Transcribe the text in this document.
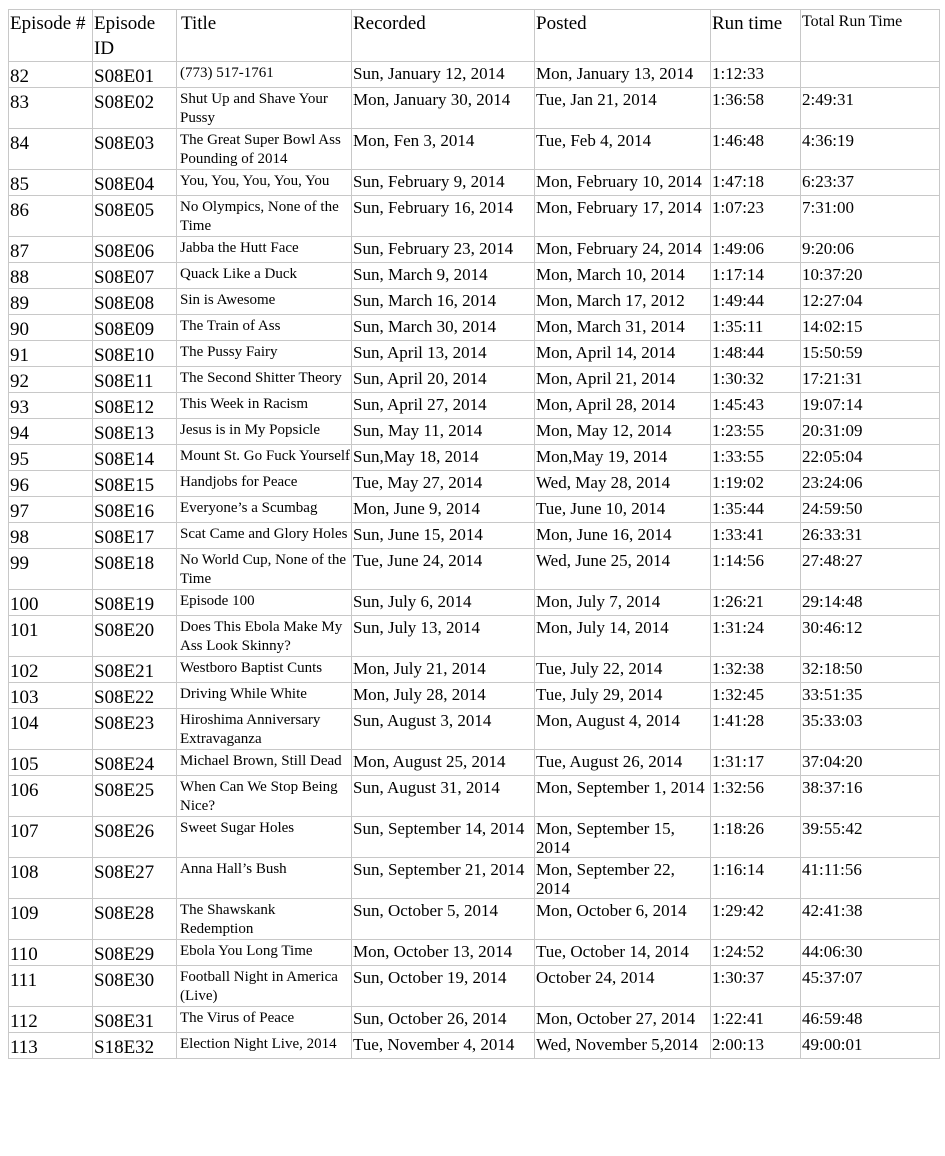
Episode #	Episode ID	Title	Recorded	Posted	Run time	Total Run Time
82	S08E01	(773) 517-1761	Sun, January 12, 2014	Mon, January 13, 2014	1:12:33	
83	S08E02	Shut Up and Shave Your Pussy	Mon, January 30, 2014	Tue, Jan 21, 2014	1:36:58	2:49:31
84	S08E03	The Great Super Bowl Ass Pounding of 2014	Mon, Fen 3, 2014	Tue, Feb 4, 2014	1:46:48	4:36:19
85	S08E04	You, You, You, You, You	Sun, February 9, 2014	Mon, February 10, 2014	1:47:18	6:23:37
86	S08E05	No Olympics, None of the Time	Sun, February 16, 2014	Mon, February 17, 2014	1:07:23	7:31:00
87	S08E06	Jabba the Hutt Face	Sun, February 23, 2014	Mon, February 24, 2014	1:49:06	9:20:06
88	S08E07	Quack Like a Duck	Sun, March 9, 2014	Mon, March 10, 2014	1:17:14	10:37:20
89	S08E08	Sin is Awesome	Sun, March 16, 2014	Mon, March 17, 2012	1:49:44	12:27:04
90	S08E09	The Train of Ass	Sun, March 30, 2014	Mon, March 31, 2014	1:35:11	14:02:15
91	S08E10	The Pussy Fairy	Sun, April 13, 2014	Mon, April 14, 2014	1:48:44	15:50:59
92	S08E11	The Second Shitter Theory	Sun, April 20, 2014	Mon, April 21, 2014	1:30:32	17:21:31
93	S08E12	This Week in Racism	Sun, April 27, 2014	Mon, April 28, 2014	1:45:43	19:07:14
94	S08E13	Jesus is in My Popsicle	Sun, May 11, 2014	Mon, May 12, 2014	1:23:55	20:31:09
95	S08E14	Mount St. Go Fuck Yourself	Sun,May 18, 2014	Mon,May 19, 2014	1:33:55	22:05:04
96	S08E15	Handjobs for Peace	Tue, May 27, 2014	Wed, May 28, 2014	1:19:02	23:24:06
97	S08E16	Everyone’s a Scumbag	Mon, June 9, 2014	Tue, June 10, 2014	1:35:44	24:59:50
98	S08E17	Scat Came and Glory Holes	Sun, June 15, 2014	Mon, June 16, 2014	1:33:41	26:33:31
99	S08E18	No World Cup, None of the Time	Tue, June 24, 2014	Wed, June 25, 2014	1:14:56	27:48:27
100	S08E19	Episode 100	Sun, July 6, 2014	Mon, July 7, 2014	1:26:21	29:14:48
101	S08E20	Does This Ebola Make My Ass Look Skinny?	Sun, July 13, 2014	Mon, July 14, 2014	1:31:24	30:46:12
102	S08E21	Westboro Baptist Cunts	Mon, July 21, 2014	Tue, July 22, 2014	1:32:38	32:18:50
103	S08E22	Driving While White	Mon, July 28, 2014	Tue, July 29, 2014	1:32:45	33:51:35
104	S08E23	Hiroshima Anniversary Extravaganza	Sun, August 3, 2014	Mon, August 4, 2014	1:41:28	35:33:03
105	S08E24	Michael Brown, Still Dead	Mon, August 25, 2014	Tue, August 26, 2014	1:31:17	37:04:20
106	S08E25	When Can We Stop Being Nice?	Sun, August 31, 2014	Mon, September 1, 2014	1:32:56	38:37:16
107	S08E26	Sweet Sugar Holes	Sun, September 14, 2014	Mon, September 15, 2014	1:18:26	39:55:42
108	S08E27	Anna Hall’s Bush	Sun, September 21, 2014	Mon, September 22, 2014	1:16:14	41:11:56
109	S08E28	The Shawskank Redemption	Sun, October 5, 2014	Mon, October 6, 2014	1:29:42	42:41:38
110	S08E29	Ebola You Long Time	Mon, October 13, 2014	Tue, October 14, 2014	1:24:52	44:06:30
111	S08E30	Football Night in America (Live)	Sun, October 19, 2014	October 24, 2014	1:30:37	45:37:07
112	S08E31	The Virus of Peace	Sun, October 26, 2014	Mon, October 27, 2014	1:22:41	46:59:48
113	S18E32	Election Night Live, 2014	Tue, November 4, 2014	Wed, November 5,2014	2:00:13	49:00:01
